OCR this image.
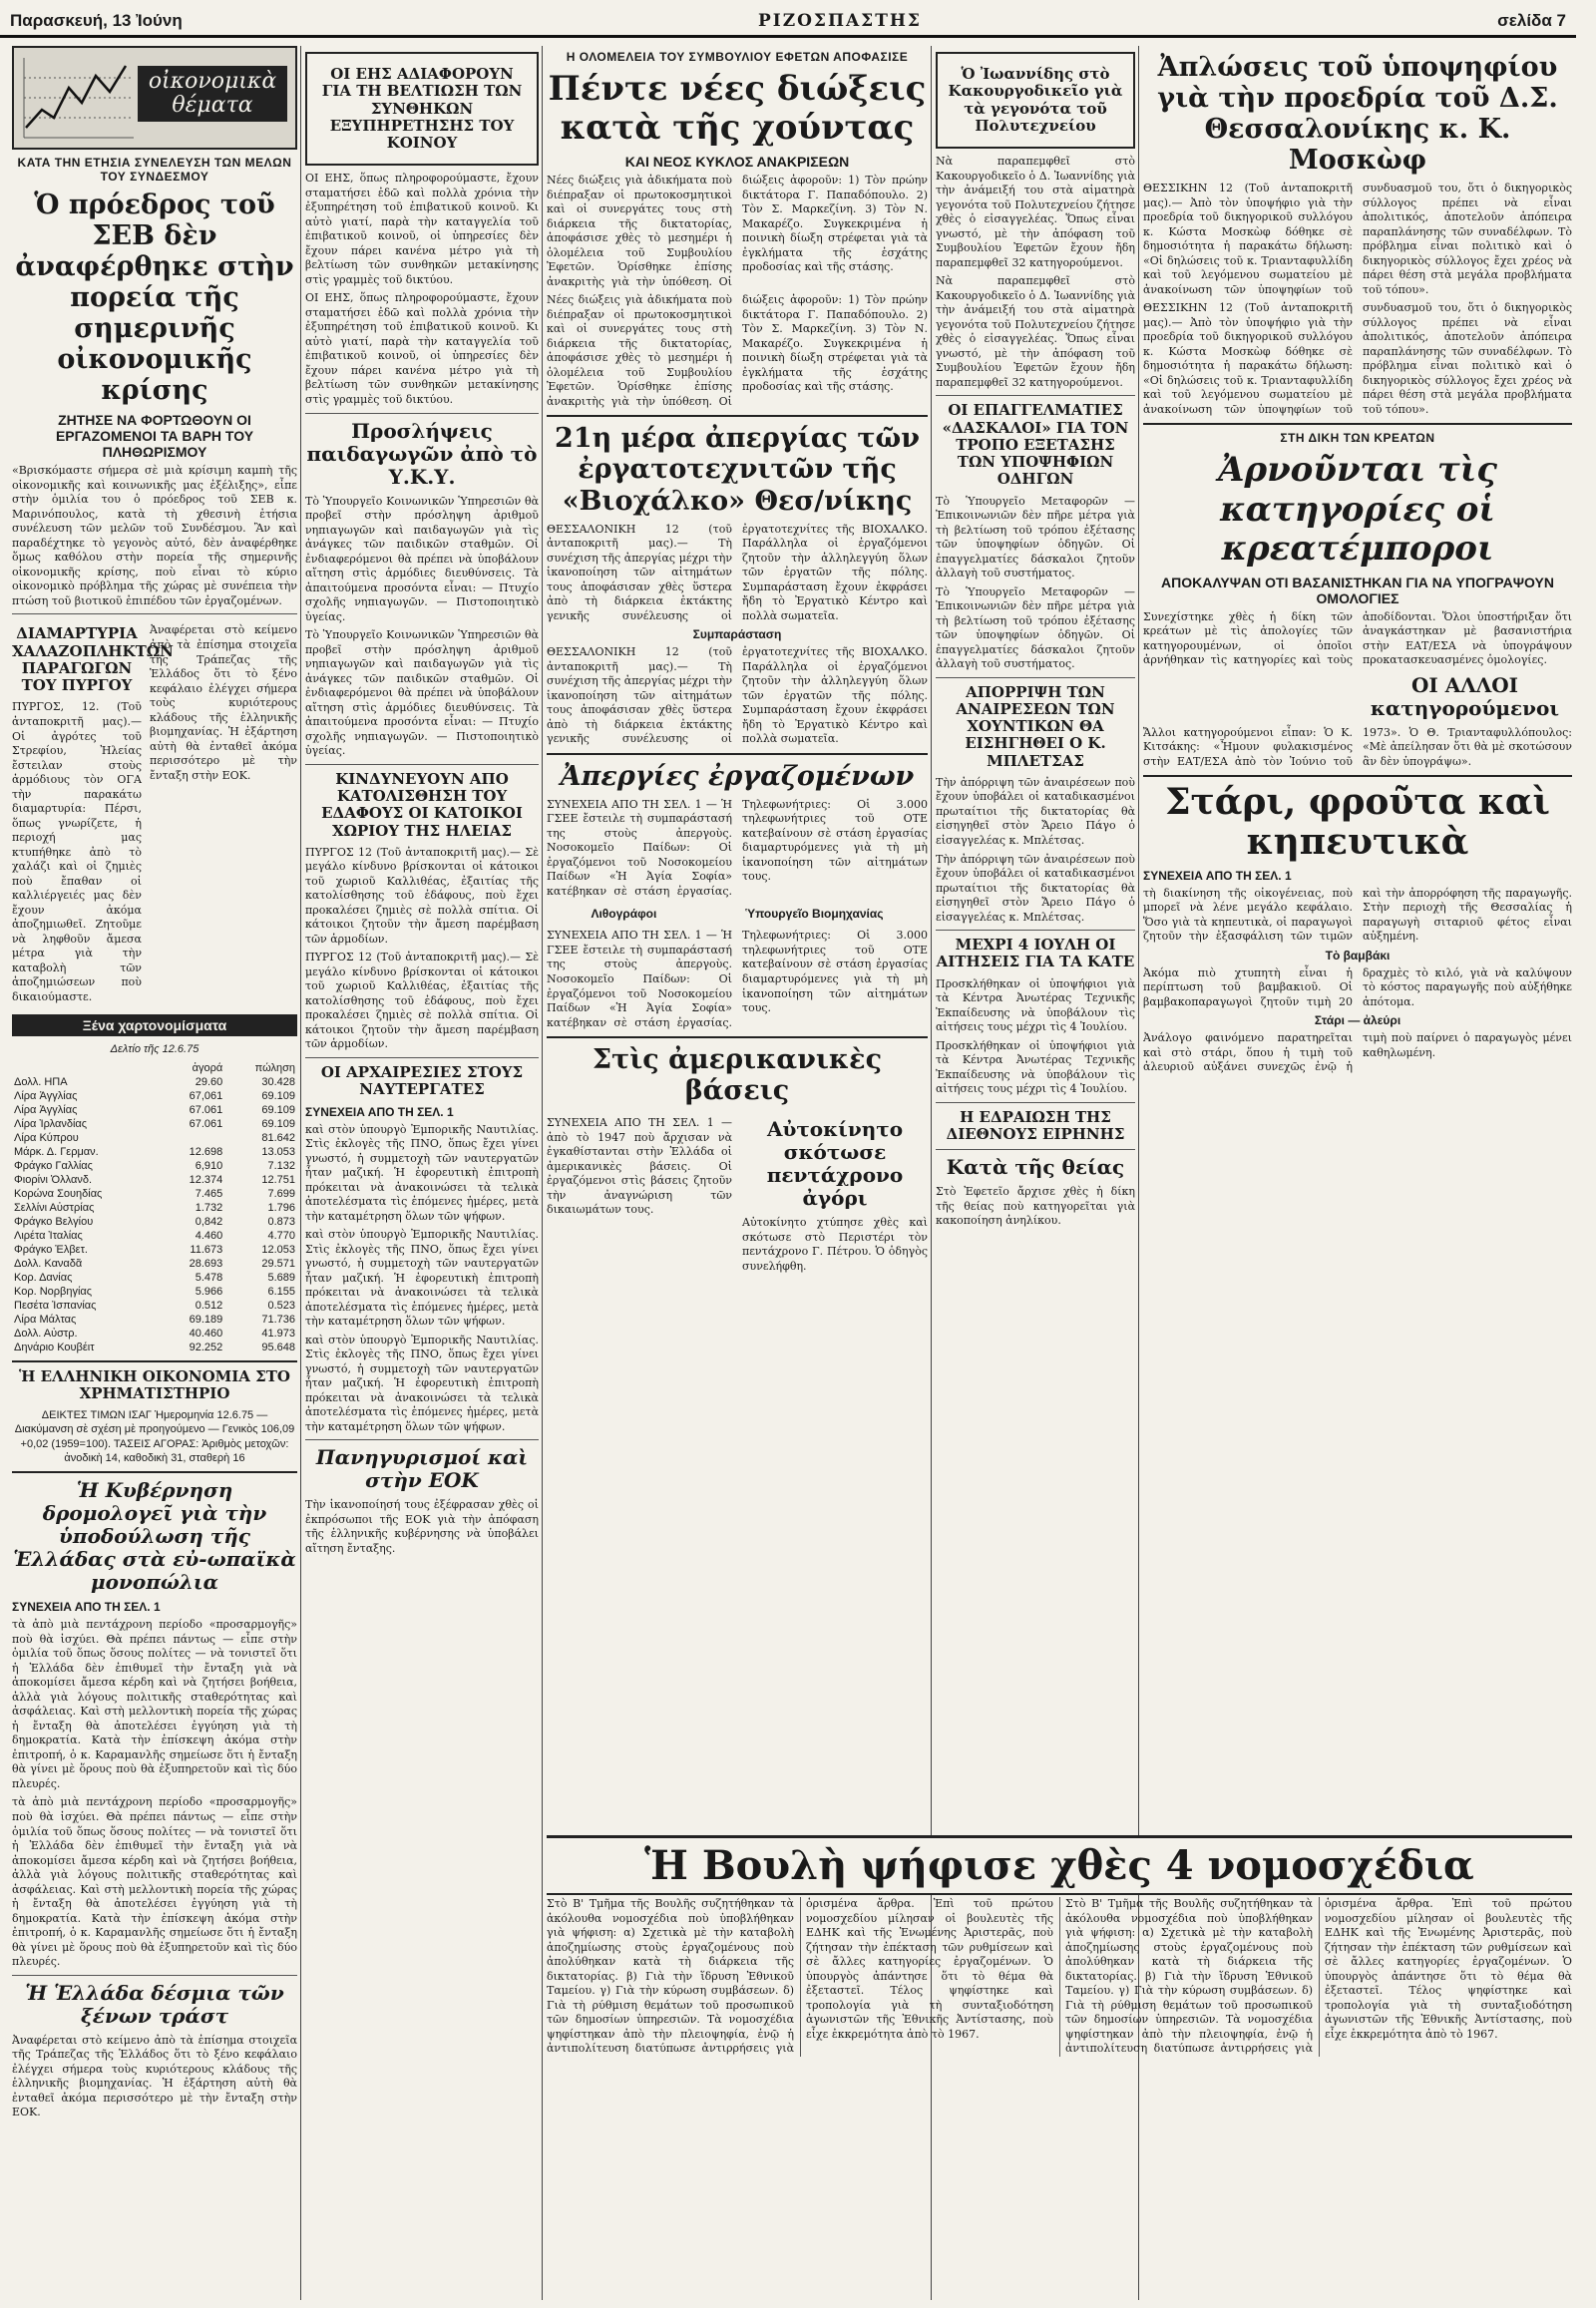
Παρασκευή, 13 Ἰούνη	ΡΙΖΟΣΠΑΣΤΗΣ	σελίδα 7
οἰκονομικὰ θέματα
ΚΑΤΑ ΤΗΝ ΕΤΗΣΙΑ ΣΥΝΕΛΕΥΣΗ ΤΩΝ ΜΕΛΩΝ ΤΟΥ ΣΥΝΔΕΣΜΟΥ
Ὁ πρόεδρος τοῦ ΣΕΒ δὲν ἀναφέρθηκε στὴν πορεία τῆς σημερινῆς οἰκονομικῆς κρίσης
ΖΗΤΗΣΕ ΝΑ ΦΟΡΤΩΘΟΥΝ ΟΙ ΕΡΓΑΖΟΜΕΝΟΙ ΤΑ ΒΑΡΗ ΤΟΥ ΠΛΗΘΩΡΙΣΜΟΥ
«Βρισκόμαστε σήμερα σὲ μιὰ κρίσιμη καμπὴ τῆς οἰκονομικῆς καὶ κοινωνικῆς μας ἐξέλιξης», εἶπε στὴν ὁμιλία του ὁ πρόεδρος τοῦ ΣΕΒ κ. Μαρινόπουλος, κατὰ τὴ χθεσινὴ ἐτήσια συνέλευση τῶν μελῶν τοῦ Συνδέσμου. Ἂν καὶ παραδέχτηκε τὸ γεγονὸς αὐτό, δὲν ἀναφέρθηκε ὅμως καθόλου στὴν πορεία τῆς σημερινῆς οἰκονομικῆς κρίσης, ποὺ εἶναι τὸ κύριο οἰκονομικὸ πρόβλημα τῆς χώρας μὲ συνέπεια τὴν πτώση τοῦ βιοτικοῦ ἐπιπέδου τῶν ἐργαζομένων.
ΔΙΑΜΑΡΤΥΡΙΑ ΧΑΛΑΖΟΠΛΗΚΤΩΝ ΠΑΡΑΓΩΓΩΝ ΤΟΥ ΠΥΡΓΟΥ
ΠΥΡΓΟΣ, 12. (Τοῦ ἀνταποκριτῆ μας).— Οἱ ἀγρότες τοῦ Στρεφίου, Ἠλείας ἔστειλαν στοὺς ἁρμόδιους τὸν ΟΓΑ τὴν παρακάτω διαμαρτυρία: Πέρσι, ὅπως γνωρίζετε, ἡ περιοχή μας κτυπήθηκε ἀπὸ τὸ χαλάζι καὶ οἱ ζημιὲς ποὺ ἔπαθαν οἱ καλλιέργειές μας δὲν ἔχουν ἀκόμα ἀποζημιωθεῖ. Ζητοῦμε νὰ ληφθοῦν ἄμεσα μέτρα γιὰ τὴν καταβολὴ τῶν ἀποζημιώσεων ποὺ δικαιούμαστε.
Ἀναφέρεται στὸ κείμενο ἀπὸ τὰ ἐπίσημα στοιχεῖα τῆς Τράπεζας τῆς Ἑλλάδος ὅτι τὸ ξένο κεφάλαιο ἐλέγχει σήμερα τοὺς κυριότερους κλάδους τῆς ἑλληνικῆς βιομηχανίας. Ἡ ἐξάρτηση αὐτὴ θὰ ἐνταθεῖ ἀκόμα περισσότερο μὲ τὴν ἔνταξη στὴν ΕΟΚ.
Ξένα χαρτονομίσματα
Δελτίο τῆς 12.6.75
	ἀγορά	πώληση
Δολλ. ΗΠΑ	29.60	30.428
Λίρα Ἀγγλίας	67,061	69.109
Λίρα Ἀγγλίας	67.061	69.109
Λίρα Ἰρλανδίας	67.061	69.109
Λίρα Κύπρου		81.642
Μάρκ. Δ. Γερμαν.	12.698	13.053
Φράγκο Γαλλίας	6,910	7.132
Φιορίνι Ὁλλανδ.	12.374	12.751
Κορώνα Σουηδίας	7.465	7.699
Σελλίνι Αὐστρίας	1.732	1.796
Φράγκο Βελγίου	0,842	0.873
Λιρέτα Ἰταλίας	4.460	4.770
Φράγκο Ἑλβετ.	11.673	12.053
Δολλ. Καναδᾶ	28.693	29.571
Κορ. Δανίας	5.478	5.689
Κορ. Νορβηγίας	5.966	6.155
Πεσέτα Ἰσπανίας	0.512	0.523
Λίρα Μάλτας	69.189	71.736
Δολλ. Αὐστρ.	40.460	41.973
Δηνάριο Κουβέιτ	92.252	95.648
Ἡ ΕΛΛΗΝΙΚΗ ΟΙΚΟΝΟΜΙΑ ΣΤΟ ΧΡΗΜΑΤΙΣΤΗΡΙΟ
ΔΕΙΚΤΕΣ ΤΙΜΩΝ ΙΣΑΓ Ἡμερομηνία 12.6.75 — Διακύμανση σὲ σχέση μὲ προηγούμενο — Γενικὸς 106,09 +0,02 (1959=100). ΤΑΣΕΙΣ ΑΓΟΡΑΣ: Ἀριθμὸς μετοχῶν: ἀνοδικὴ 14, καθοδικὴ 31, σταθερὴ 16
Ἡ Κυβέρνηση δρομολογεῖ γιὰ τὴν ὑποδούλωση τῆς Ἑλλάδας στὰ εὐ-ωπαϊκὰ μονοπώλια
ΣΥΝΕΧΕΙΑ ΑΠΟ ΤΗ ΣΕΛ. 1
τὰ ἀπὸ μιὰ πεντάχρονη περίοδο «προσαρμογῆς» ποὺ θὰ ἰσχύει. Θὰ πρέπει πάντως — εἶπε στὴν ὁμιλία τοῦ ὅπως ὅσους πολίτες — νὰ τονιστεῖ ὅτι ἡ Ἑλλάδα δὲν ἐπιθυμεῖ τὴν ἔνταξη γιὰ νὰ ἀποκομίσει ἄμεσα κέρδη καὶ νὰ ζητήσει βοήθεια, ἀλλὰ γιὰ λόγους πολιτικῆς σταθερότητας καὶ ἀσφάλειας. Καὶ στὴ μελλοντικὴ πορεία τῆς χώρας ἡ ἔνταξη θὰ ἀποτελέσει ἐγγύηση γιὰ τὴ δημοκρατία. Κατὰ τὴν ἐπίσκεψη ἀκόμα στὴν ἐπιτροπή, ὁ κ. Καραμανλῆς σημείωσε ὅτι ἡ ἔνταξη θὰ γίνει μὲ ὅρους ποὺ θὰ ἐξυπηρετοῦν καὶ τὶς δύο πλευρές.
τὰ ἀπὸ μιὰ πεντάχρονη περίοδο «προσαρμογῆς» ποὺ θὰ ἰσχύει. Θὰ πρέπει πάντως — εἶπε στὴν ὁμιλία τοῦ ὅπως ὅσους πολίτες — νὰ τονιστεῖ ὅτι ἡ Ἑλλάδα δὲν ἐπιθυμεῖ τὴν ἔνταξη γιὰ νὰ ἀποκομίσει ἄμεσα κέρδη καὶ νὰ ζητήσει βοήθεια, ἀλλὰ γιὰ λόγους πολιτικῆς σταθερότητας καὶ ἀσφάλειας. Καὶ στὴ μελλοντικὴ πορεία τῆς χώρας ἡ ἔνταξη θὰ ἀποτελέσει ἐγγύηση γιὰ τὴ δημοκρατία. Κατὰ τὴν ἐπίσκεψη ἀκόμα στὴν ἐπιτροπή, ὁ κ. Καραμανλῆς σημείωσε ὅτι ἡ ἔνταξη θὰ γίνει μὲ ὅρους ποὺ θὰ ἐξυπηρετοῦν καὶ τὶς δύο πλευρές.
Ἡ Ἑλλάδα δέσμια τῶν ξένων τράστ
Ἀναφέρεται στὸ κείμενο ἀπὸ τὰ ἐπίσημα στοιχεῖα τῆς Τράπεζας τῆς Ἑλλάδος ὅτι τὸ ξένο κεφάλαιο ἐλέγχει σήμερα τοὺς κυριότερους κλάδους τῆς ἑλληνικῆς βιομηχανίας. Ἡ ἐξάρτηση αὐτὴ θὰ ἐνταθεῖ ἀκόμα περισσότερο μὲ τὴν ἔνταξη στὴν ΕΟΚ.
ΟΙ ΕΗΣ ΑΔΙΑΦΟΡΟΥΝ ΓΙΑ ΤΗ ΒΕΛΤΙΩΣΗ ΤΩΝ ΣΥΝΘΗΚΩΝ ΕΞΥΠΗΡΕΤΗΣΗΣ ΤΟΥ ΚΟΙΝΟΥ
ΟΙ ΕΗΣ, ὅπως πληροφορούμαστε, ἔχουν σταματήσει ἐδῶ καὶ πολλὰ χρόνια τὴν ἐξυπηρέτηση τοῦ ἐπιβατικοῦ κοινοῦ. Κι αὐτὸ γιατί, παρὰ τὴν καταγγελία τοῦ ἐπιβατικοῦ κοινοῦ, οἱ ὑπηρεσίες δὲν ἔχουν πάρει κανένα μέτρο γιὰ τὴ βελτίωση τῶν συνθηκῶν μετακίνησης στὶς γραμμὲς τοῦ δικτύου.
ΟΙ ΕΗΣ, ὅπως πληροφορούμαστε, ἔχουν σταματήσει ἐδῶ καὶ πολλὰ χρόνια τὴν ἐξυπηρέτηση τοῦ ἐπιβατικοῦ κοινοῦ. Κι αὐτὸ γιατί, παρὰ τὴν καταγγελία τοῦ ἐπιβατικοῦ κοινοῦ, οἱ ὑπηρεσίες δὲν ἔχουν πάρει κανένα μέτρο γιὰ τὴ βελτίωση τῶν συνθηκῶν μετακίνησης στὶς γραμμὲς τοῦ δικτύου.
Προσλήψεις παιδαγωγῶν ἀπὸ τὸ Υ.Κ.Υ.
Τὸ Ὑπουργεῖο Κοινωνικῶν Ὑπηρεσιῶν θὰ προβεῖ στὴν πρόσληψη ἀριθμοῦ νηπιαγωγῶν καὶ παιδαγωγῶν γιὰ τὶς ἀνάγκες τῶν παιδικῶν σταθμῶν. Οἱ ἐνδιαφερόμενοι θὰ πρέπει νὰ ὑποβάλουν αἴτηση στὶς ἁρμόδιες διευθύνσεις. Τὰ ἀπαιτούμενα προσόντα εἶναι: — Πτυχίο σχολῆς νηπιαγωγῶν. — Πιστοποιητικὸ ὑγείας.
Τὸ Ὑπουργεῖο Κοινωνικῶν Ὑπηρεσιῶν θὰ προβεῖ στὴν πρόσληψη ἀριθμοῦ νηπιαγωγῶν καὶ παιδαγωγῶν γιὰ τὶς ἀνάγκες τῶν παιδικῶν σταθμῶν. Οἱ ἐνδιαφερόμενοι θὰ πρέπει νὰ ὑποβάλουν αἴτηση στὶς ἁρμόδιες διευθύνσεις. Τὰ ἀπαιτούμενα προσόντα εἶναι: — Πτυχίο σχολῆς νηπιαγωγῶν. — Πιστοποιητικὸ ὑγείας.
ΚΙΝΔΥΝΕΥΟΥΝ ΑΠΟ ΚΑΤΟΛΙΣΘΗΣΗ ΤΟΥ ΕΔΑΦΟΥΣ ΟΙ ΚΑΤΟΙΚΟΙ ΧΩΡΙΟΥ ΤΗΣ ΗΛΕΙΑΣ
ΠΥΡΓΟΣ 12 (Τοῦ ἀνταποκριτῆ μας).— Σὲ μεγάλο κίνδυνο βρίσκονται οἱ κάτοικοι τοῦ χωριοῦ Καλλιθέας, ἐξαιτίας τῆς κατολίσθησης τοῦ ἐδάφους, ποὺ ἔχει προκαλέσει ζημιὲς σὲ πολλὰ σπίτια. Οἱ κάτοικοι ζητοῦν τὴν ἄμεση παρέμβαση τῶν ἁρμοδίων.
ΠΥΡΓΟΣ 12 (Τοῦ ἀνταποκριτῆ μας).— Σὲ μεγάλο κίνδυνο βρίσκονται οἱ κάτοικοι τοῦ χωριοῦ Καλλιθέας, ἐξαιτίας τῆς κατολίσθησης τοῦ ἐδάφους, ποὺ ἔχει προκαλέσει ζημιὲς σὲ πολλὰ σπίτια. Οἱ κάτοικοι ζητοῦν τὴν ἄμεση παρέμβαση τῶν ἁρμοδίων.
ΟΙ ΑΡΧΑΙΡΕΣΙΕΣ ΣΤΟΥΣ ΝΑΥΤΕΡΓΑΤΕΣ
ΣΥΝΕΧΕΙΑ ΑΠΟ ΤΗ ΣΕΛ. 1
καὶ στὸν ὑπουργὸ Ἐμπορικῆς Ναυτιλίας. Στὶς ἐκλογὲς τῆς ΠΝΟ, ὅπως ἔχει γίνει γνωστό, ἡ συμμετοχὴ τῶν ναυτεργατῶν ἦταν μαζική. Ἡ ἐφορευτικὴ ἐπιτροπὴ πρόκειται νὰ ἀνακοινώσει τὰ τελικὰ ἀποτελέσματα τὶς ἑπόμενες ἡμέρες, μετὰ τὴν καταμέτρηση ὅλων τῶν ψήφων.
καὶ στὸν ὑπουργὸ Ἐμπορικῆς Ναυτιλίας. Στὶς ἐκλογὲς τῆς ΠΝΟ, ὅπως ἔχει γίνει γνωστό, ἡ συμμετοχὴ τῶν ναυτεργατῶν ἦταν μαζική. Ἡ ἐφορευτικὴ ἐπιτροπὴ πρόκειται νὰ ἀνακοινώσει τὰ τελικὰ ἀποτελέσματα τὶς ἑπόμενες ἡμέρες, μετὰ τὴν καταμέτρηση ὅλων τῶν ψήφων.
καὶ στὸν ὑπουργὸ Ἐμπορικῆς Ναυτιλίας. Στὶς ἐκλογὲς τῆς ΠΝΟ, ὅπως ἔχει γίνει γνωστό, ἡ συμμετοχὴ τῶν ναυτεργατῶν ἦταν μαζική. Ἡ ἐφορευτικὴ ἐπιτροπὴ πρόκειται νὰ ἀνακοινώσει τὰ τελικὰ ἀποτελέσματα τὶς ἑπόμενες ἡμέρες, μετὰ τὴν καταμέτρηση ὅλων τῶν ψήφων.
Πανηγυρισμοί καὶ στὴν ΕΟΚ
Τὴν ἱκανοποίησή τους ἐξέφρασαν χθὲς οἱ ἐκπρόσωποι τῆς ΕΟΚ γιὰ τὴν ἀπόφαση τῆς ἑλληνικῆς κυβέρνησης νὰ ὑποβάλει αἴτηση ἔνταξης.
Η ΟΛΟΜΕΛΕΙΑ ΤΟΥ ΣΥΜΒΟΥΛΙΟΥ ΕΦΕΤΩΝ ΑΠΟΦΑΣΙΣΕ
Πέντε νέες διώξεις κατὰ τῆς χούντας
ΚΑΙ ΝΕΟΣ ΚΥΚΛΟΣ ΑΝΑΚΡΙΣΕΩΝ
Νέες διώξεις γιὰ ἀδικήματα ποὺ διέπραξαν οἱ πρωτοκοσμητικοὶ καὶ οἱ συνεργάτες τους στὴ διάρκεια τῆς δικτατορίας, ἀποφάσισε χθὲς τὸ μεσημέρι ἡ ὁλομέλεια τοῦ Συμβουλίου Ἐφετῶν. Ὁρίσθηκε ἐπίσης ἀνακριτὴς γιὰ τὴν ὑπόθεση. Οἱ διώξεις ἀφοροῦν: 1) Τὸν πρώην δικτάτορα Γ. Παπαδόπουλο. 2) Τὸν Σ. Μαρκεζίνη. 3) Τὸν Ν. Μακαρέζο. Συγκεκριμένα ἡ ποινικὴ δίωξη στρέφεται γιὰ τὰ ἐγκλήματα τῆς ἐσχάτης προδοσίας καὶ τῆς στάσης.
Νέες διώξεις γιὰ ἀδικήματα ποὺ διέπραξαν οἱ πρωτοκοσμητικοὶ καὶ οἱ συνεργάτες τους στὴ διάρκεια τῆς δικτατορίας, ἀποφάσισε χθὲς τὸ μεσημέρι ἡ ὁλομέλεια τοῦ Συμβουλίου Ἐφετῶν. Ὁρίσθηκε ἐπίσης ἀνακριτὴς γιὰ τὴν ὑπόθεση. Οἱ διώξεις ἀφοροῦν: 1) Τὸν πρώην δικτάτορα Γ. Παπαδόπουλο. 2) Τὸν Σ. Μαρκεζίνη. 3) Τὸν Ν. Μακαρέζο. Συγκεκριμένα ἡ ποινικὴ δίωξη στρέφεται γιὰ τὰ ἐγκλήματα τῆς ἐσχάτης προδοσίας καὶ τῆς στάσης.
21η μέρα ἀπεργίας τῶν ἐργατοτεχνιτῶν τῆς «Βιοχάλκο» Θεσ/νίκης
ΘΕΣΣΑΛΟΝΙΚΗ 12 (τοῦ ἀνταποκριτῆ μας).— Τὴ συνέχιση τῆς ἀπεργίας μέχρι τὴν ἱκανοποίηση τῶν αἰτημάτων τους ἀποφάσισαν χθὲς ὕστερα ἀπὸ τὴ διάρκεια ἐκτάκτης γενικῆς συνέλευσης οἱ ἐργατοτεχνίτες τῆς ΒΙΟΧΑΛΚΟ. Παράλληλα οἱ ἐργαζόμενοι ζητοῦν τὴν ἀλληλεγγύη ὅλων τῶν ἐργατῶν τῆς πόλης. Συμπαράσταση ἔχουν ἐκφράσει ἤδη τὸ Ἐργατικὸ Κέντρο καὶ πολλὰ σωματεῖα.
Συμπαράσταση
ΘΕΣΣΑΛΟΝΙΚΗ 12 (τοῦ ἀνταποκριτῆ μας).— Τὴ συνέχιση τῆς ἀπεργίας μέχρι τὴν ἱκανοποίηση τῶν αἰτημάτων τους ἀποφάσισαν χθὲς ὕστερα ἀπὸ τὴ διάρκεια ἐκτάκτης γενικῆς συνέλευσης οἱ ἐργατοτεχνίτες τῆς ΒΙΟΧΑΛΚΟ. Παράλληλα οἱ ἐργαζόμενοι ζητοῦν τὴν ἀλληλεγγύη ὅλων τῶν ἐργατῶν τῆς πόλης. Συμπαράσταση ἔχουν ἐκφράσει ἤδη τὸ Ἐργατικὸ Κέντρο καὶ πολλὰ σωματεῖα.
Ἀπεργίες ἐργαζομένων
ΣΥΝΕΧΕΙΑ ΑΠΟ ΤΗ ΣΕΛ. 1 — Ἡ ΓΣΕΕ ἔστειλε τὴ συμπαράστασή της στοὺς ἀπεργοὺς. Νοσοκομεῖο Παίδων: Οἱ ἐργαζόμενοι τοῦ Νοσοκομείου Παίδων «Ἡ Ἀγία Σοφία» κατέβηκαν σὲ στάση ἐργασίας. Τηλεφωνήτριες: Οἱ 3.000 τηλεφωνήτριες τοῦ ΟΤΕ κατεβαίνουν σὲ στάση ἐργασίας διαμαρτυρόμενες γιὰ τὴ μὴ ἱκανοποίηση τῶν αἰτημάτων τους.
Λιθογράφοι	Ὑπουργεῖο Βιομηχανίας
ΣΥΝΕΧΕΙΑ ΑΠΟ ΤΗ ΣΕΛ. 1 — Ἡ ΓΣΕΕ ἔστειλε τὴ συμπαράστασή της στοὺς ἀπεργοὺς. Νοσοκομεῖο Παίδων: Οἱ ἐργαζόμενοι τοῦ Νοσοκομείου Παίδων «Ἡ Ἀγία Σοφία» κατέβηκαν σὲ στάση ἐργασίας. Τηλεφωνήτριες: Οἱ 3.000 τηλεφωνήτριες τοῦ ΟΤΕ κατεβαίνουν σὲ στάση ἐργασίας διαμαρτυρόμενες γιὰ τὴ μὴ ἱκανοποίηση τῶν αἰτημάτων τους.
Στὶς ἀμερικανικὲς βάσεις
ΣΥΝΕΧΕΙΑ ΑΠΟ ΤΗ ΣΕΛ. 1 — ἀπὸ τὸ 1947 ποὺ ἄρχισαν νὰ ἐγκαθίστανται στὴν Ἑλλάδα οἱ ἀμερικανικὲς βάσεις. Οἱ ἐργαζόμενοι στὶς βάσεις ζητοῦν τὴν ἀναγνώριση τῶν δικαιωμάτων τους.
Αὐτοκίνητο σκότωσε πεντάχρονο ἀγόρι
Αὐτοκίνητο χτύπησε χθὲς καὶ σκότωσε στὸ Περιστέρι τὸν πεντάχρονο Γ. Πέτρου. Ὁ ὁδηγὸς συνελήφθη.
Ὁ Ἰωαννίδης στὸ Κακουργοδικεῖο γιὰ τὰ γεγονότα τοῦ Πολυτεχνείου
Νὰ παραπεμφθεῖ στὸ Κακουργοδικεῖο ὁ Δ. Ἰωαννίδης γιὰ τὴν ἀνάμειξή του στὰ αἱματηρὰ γεγονότα τοῦ Πολυτεχνείου ζήτησε χθὲς ὁ εἰσαγγελέας. Ὅπως εἶναι γνωστό, μὲ τὴν ἀπόφαση τοῦ Συμβουλίου Ἐφετῶν ἔχουν ἤδη παραπεμφθεῖ 32 κατηγορούμενοι.
Νὰ παραπεμφθεῖ στὸ Κακουργοδικεῖο ὁ Δ. Ἰωαννίδης γιὰ τὴν ἀνάμειξή του στὰ αἱματηρὰ γεγονότα τοῦ Πολυτεχνείου ζήτησε χθὲς ὁ εἰσαγγελέας. Ὅπως εἶναι γνωστό, μὲ τὴν ἀπόφαση τοῦ Συμβουλίου Ἐφετῶν ἔχουν ἤδη παραπεμφθεῖ 32 κατηγορούμενοι.
ΟΙ ΕΠΑΓΓΕΛΜΑΤΙΕΣ «ΔΑΣΚΑΛΟΙ» ΓΙΑ ΤΟΝ ΤΡΟΠΟ ΕΞΕΤΑΣΗΣ ΤΩΝ ΥΠΟΨΗΦΙΩΝ ΟΔΗΓΩΝ
Τὸ Ὑπουργεῖο Μεταφορῶν — Ἐπικοινωνιῶν δὲν πῆρε μέτρα γιὰ τὴ βελτίωση τοῦ τρόπου ἐξέτασης τῶν ὑποψηφίων ὁδηγῶν. Οἱ ἐπαγγελματίες δάσκαλοι ζητοῦν ἀλλαγὴ τοῦ συστήματος.
Τὸ Ὑπουργεῖο Μεταφορῶν — Ἐπικοινωνιῶν δὲν πῆρε μέτρα γιὰ τὴ βελτίωση τοῦ τρόπου ἐξέτασης τῶν ὑποψηφίων ὁδηγῶν. Οἱ ἐπαγγελματίες δάσκαλοι ζητοῦν ἀλλαγὴ τοῦ συστήματος.
ΑΠΟΡΡΙΨΗ ΤΩΝ ΑΝΑΙΡΕΣΕΩΝ ΤΩΝ ΧΟΥΝΤΙΚΩΝ ΘΑ ΕΙΣΗΓΗΘΕΙ Ο Κ. ΜΠΛΕΤΣΑΣ
Τὴν ἀπόρριψη τῶν ἀναιρέσεων ποὺ ἔχουν ὑποβάλει οἱ καταδικασμένοι πρωταίτιοι τῆς δικτατορίας θὰ εἰσηγηθεῖ στὸν Ἄρειο Πάγο ὁ εἰσαγγελέας κ. Μπλέτσας.
Τὴν ἀπόρριψη τῶν ἀναιρέσεων ποὺ ἔχουν ὑποβάλει οἱ καταδικασμένοι πρωταίτιοι τῆς δικτατορίας θὰ εἰσηγηθεῖ στὸν Ἄρειο Πάγο ὁ εἰσαγγελέας κ. Μπλέτσας.
ΜΕΧΡΙ 4 ΙΟΥΛΗ ΟΙ ΑΙΤΗΣΕΙΣ ΓΙΑ ΤΑ ΚΑΤΕ
Προσκλήθηκαν οἱ ὑποψήφιοι γιὰ τὰ Κέντρα Ἀνωτέρας Τεχνικῆς Ἐκπαίδευσης νὰ ὑποβάλουν τὶς αἰτήσεις τους μέχρι τὶς 4 Ἰουλίου.
Προσκλήθηκαν οἱ ὑποψήφιοι γιὰ τὰ Κέντρα Ἀνωτέρας Τεχνικῆς Ἐκπαίδευσης νὰ ὑποβάλουν τὶς αἰτήσεις τους μέχρι τὶς 4 Ἰουλίου.
Η ΕΔΡΑΙΩΣΗ ΤΗΣ ΔΙΕΘΝΟΥΣ ΕΙΡΗΝΗΣ
Κατὰ τῆς θείας
Στὸ Ἐφετεῖο ἄρχισε χθὲς ἡ δίκη τῆς θείας ποὺ κατηγορεῖται γιὰ κακοποίηση ἀνηλίκου.
Ἀπλώσεις τοῦ ὑποψηφίου γιὰ τὴν προεδρία τοῦ Δ.Σ. Θεσσαλονίκης κ. Κ. Μοσκὼφ
ΘΕΣΣΙΚΗΝ 12 (Τοῦ ἀνταποκριτῆ μας).— Ἀπὸ τὸν ὑποψήφιο γιὰ τὴν προεδρία τοῦ δικηγορικοῦ συλλόγου κ. Κώστα Μοσκὼφ δόθηκε σὲ δημοσιότητα ἡ παρακάτω δήλωση: «Οἱ δηλώσεις τοῦ κ. Τριανταφυλλίδη καὶ τοῦ λεγόμενου σωματείου μὲ ἀνακοίνωση τῶν ὑποψηφίων τοῦ συνδυασμοῦ του, ὅτι ὁ δικηγορικὸς σύλλογος πρέπει νὰ εἶναι ἀπολιτικός, ἀποτελοῦν ἀπόπειρα παραπλάνησης τῶν συναδέλφων. Τὸ πρόβλημα εἶναι πολιτικὸ καὶ ὁ δικηγορικὸς σύλλογος ἔχει χρέος νὰ πάρει θέση στὰ μεγάλα προβλήματα τοῦ τόπου».
ΘΕΣΣΙΚΗΝ 12 (Τοῦ ἀνταποκριτῆ μας).— Ἀπὸ τὸν ὑποψήφιο γιὰ τὴν προεδρία τοῦ δικηγορικοῦ συλλόγου κ. Κώστα Μοσκὼφ δόθηκε σὲ δημοσιότητα ἡ παρακάτω δήλωση: «Οἱ δηλώσεις τοῦ κ. Τριανταφυλλίδη καὶ τοῦ λεγόμενου σωματείου μὲ ἀνακοίνωση τῶν ὑποψηφίων τοῦ συνδυασμοῦ του, ὅτι ὁ δικηγορικὸς σύλλογος πρέπει νὰ εἶναι ἀπολιτικός, ἀποτελοῦν ἀπόπειρα παραπλάνησης τῶν συναδέλφων. Τὸ πρόβλημα εἶναι πολιτικὸ καὶ ὁ δικηγορικὸς σύλλογος ἔχει χρέος νὰ πάρει θέση στὰ μεγάλα προβλήματα τοῦ τόπου».
ΣΤΗ ΔΙΚΗ ΤΩΝ ΚΡΕΑΤΩΝ
Ἀρνοῦνται τὶς κατηγορίες οἱ κρεατέμποροι
ΑΠΟΚΑΛΥΨΑΝ ΟΤΙ ΒΑΣΑΝΙΣΤΗΚΑΝ ΓΙΑ ΝΑ ΥΠΟΓΡΑΨΟΥΝ ΟΜΟΛΟΓΙΕΣ
Συνεχίστηκε χθὲς ἡ δίκη τῶν κρεάτων μὲ τὶς ἀπολογίες τῶν κατηγορουμένων, οἱ ὁποῖοι ἀρνήθηκαν τὶς κατηγορίες καὶ τοὺς ἀποδίδονται. Ὅλοι ὑποστήριξαν ὅτι ἀναγκάστηκαν μὲ βασανιστήρια στὴν ΕΑΤ/ΕΣΑ νὰ ὑπογράψουν προκατασκευασμένες ὁμολογίες.
ΟΙ ΑΛΛΟΙ κατηγορούμενοι
Ἄλλοι κατηγορούμενοι εἶπαν: Ὁ Κ. Κιτσάκης: «Ἦμουν φυλακισμένος στὴν ΕΑΤ/ΕΣΑ ἀπὸ τὸν Ἰούνιο τοῦ 1973». Ὁ Θ. Τριανταφυλλόπουλος: «Μὲ ἀπείλησαν ὅτι θὰ μὲ σκοτώσουν ἂν δὲν ὑπογράψω».
Στάρι, φροῦτα καὶ κηπευτικὰ
ΣΥΝΕΧΕΙΑ ΑΠΟ ΤΗ ΣΕΛ. 1
τὴ διακίνηση τῆς οἰκογένειας, ποὺ μπορεῖ νὰ λένε μεγάλο κεφάλαιο. Ὅσο γιὰ τὰ κηπευτικὰ, οἱ παραγωγοὶ ζητοῦν τὴν ἐξασφάλιση τῶν τιμῶν καὶ τὴν ἀπορρόφηση τῆς παραγωγῆς. Στὴν περιοχὴ τῆς Θεσσαλίας ἡ παραγωγὴ σιταριοῦ φέτος εἶναι αὐξημένη.
Τὸ βαμβάκι
Ἀκόμα πιὸ χτυπητὴ εἶναι ἡ περίπτωση τοῦ βαμβακιοῦ. Οἱ βαμβακοπαραγωγοὶ ζητοῦν τιμὴ 20 δραχμὲς τὸ κιλό, γιὰ νὰ καλύψουν τὸ κόστος παραγωγῆς ποὺ αὐξήθηκε ἀπότομα.
Στάρι — ἀλεύρι
Ἀνάλογο φαινόμενο παρατηρεῖται καὶ στὸ στάρι, ὅπου ἡ τιμὴ τοῦ ἀλευριοῦ αὐξάνει συνεχῶς ἐνῷ ἡ τιμὴ ποὺ παίρνει ὁ παραγωγὸς μένει καθηλωμένη.
Ἡ Βουλὴ ψήφισε χθὲς 4 νομοσχέδια
Στὸ Β' Τμῆμα τῆς Βουλῆς συζητήθηκαν τὰ ἀκόλουθα νομοσχέδια ποὺ ὑποβλήθηκαν γιὰ ψήφιση: α) Σχετικὰ μὲ τὴν καταβολὴ ἀποζημίωσης στοὺς ἐργαζομένους ποὺ ἀπολύθηκαν κατὰ τὴ διάρκεια τῆς δικτατορίας. β) Γιὰ τὴν ἵδρυση Ἐθνικοῦ Ταμείου. γ) Γιὰ τὴν κύρωση συμβάσεων. δ) Γιὰ τὴ ρύθμιση θεμάτων τοῦ προσωπικοῦ τῶν δημοσίων ὑπηρεσιῶν. Τὰ νομοσχέδια ψηφίστηκαν ἀπὸ τὴν πλειοψηφία, ἐνῷ ἡ ἀντιπολίτευση διατύπωσε ἀντιρρήσεις γιὰ ὁρισμένα ἄρθρα. Ἐπὶ τοῦ πρώτου νομοσχεδίου μίλησαν οἱ βουλευτὲς τῆς ΕΔΗΚ καὶ τῆς Ἑνωμένης Ἀριστερᾶς, ποὺ ζήτησαν τὴν ἐπέκταση τῶν ρυθμίσεων καὶ σὲ ἄλλες κατηγορίες ἐργαζομένων. Ὁ ὑπουργὸς ἀπάντησε ὅτι τὸ θέμα θὰ ἐξεταστεῖ. Τέλος ψηφίστηκε καὶ τροπολογία γιὰ τὴ συνταξιοδότηση ἀγωνιστῶν τῆς Ἐθνικῆς Ἀντίστασης, ποὺ εἶχε ἐκκρεμότητα ἀπὸ τὸ 1967.
Στὸ Β' Τμῆμα τῆς Βουλῆς συζητήθηκαν τὰ ἀκόλουθα νομοσχέδια ποὺ ὑποβλήθηκαν γιὰ ψήφιση: α) Σχετικὰ μὲ τὴν καταβολὴ ἀποζημίωσης στοὺς ἐργαζομένους ποὺ ἀπολύθηκαν κατὰ τὴ διάρκεια τῆς δικτατορίας. β) Γιὰ τὴν ἵδρυση Ἐθνικοῦ Ταμείου. γ) Γιὰ τὴν κύρωση συμβάσεων. δ) Γιὰ τὴ ρύθμιση θεμάτων τοῦ προσωπικοῦ τῶν δημοσίων ὑπηρεσιῶν. Τὰ νομοσχέδια ψηφίστηκαν ἀπὸ τὴν πλειοψηφία, ἐνῷ ἡ ἀντιπολίτευση διατύπωσε ἀντιρρήσεις γιὰ ὁρισμένα ἄρθρα. Ἐπὶ τοῦ πρώτου νομοσχεδίου μίλησαν οἱ βουλευτὲς τῆς ΕΔΗΚ καὶ τῆς Ἑνωμένης Ἀριστερᾶς, ποὺ ζήτησαν τὴν ἐπέκταση τῶν ρυθμίσεων καὶ σὲ ἄλλες κατηγορίες ἐργαζομένων. Ὁ ὑπουργὸς ἀπάντησε ὅτι τὸ θέμα θὰ ἐξεταστεῖ. Τέλος ψηφίστηκε καὶ τροπολογία γιὰ τὴ συνταξιοδότηση ἀγωνιστῶν τῆς Ἐθνικῆς Ἀντίστασης, ποὺ εἶχε ἐκκρεμότητα ἀπὸ τὸ 1967.
